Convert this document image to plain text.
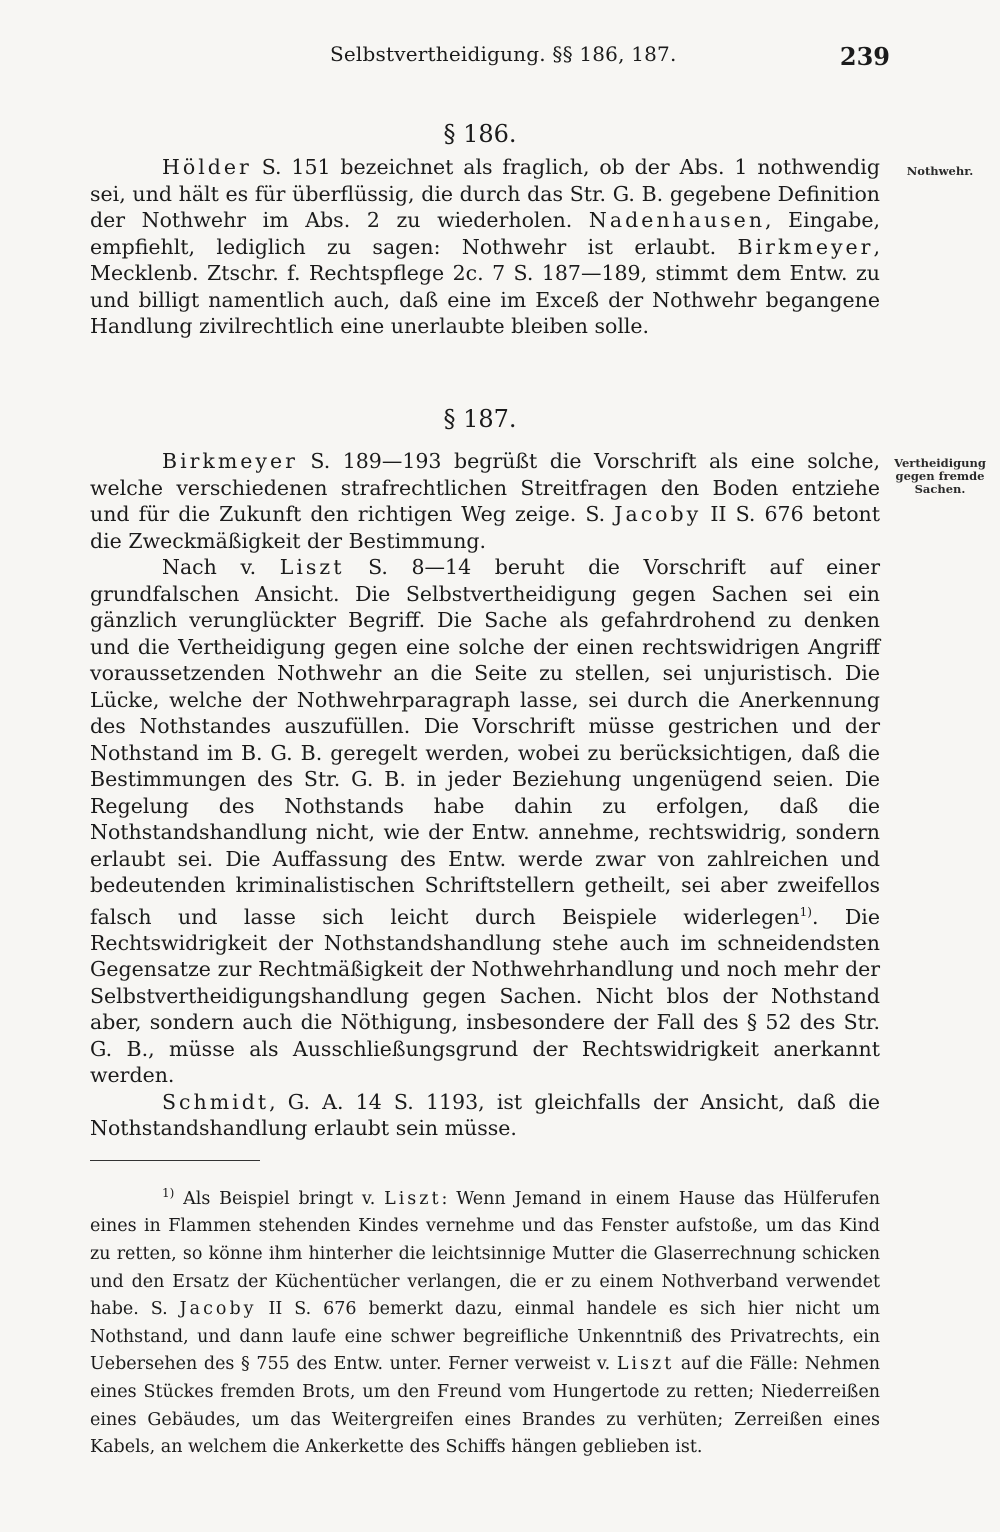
Selbstvertheidigung. §§ 186, 187.	239
§ 186.
Nothwehr.

Hölder S. 151 bezeichnet als fraglich, ob der Abs. 1 nothwendig sei, und hält es für überflüssig, die durch das Str. G. B. gegebene Definition der Nothwehr im Abs. 2 zu wiederholen. Nadenhausen, Eingabe, empfiehlt, lediglich zu sagen: Nothwehr ist erlaubt. Birkmeyer, Mecklenb. Ztschr. f. Rechtspflege 2c. 7 S. 187—189, stimmt dem Entw. zu und billigt namentlich auch, daß eine im Exceß der Nothwehr begangene Handlung zivilrechtlich eine unerlaubte bleiben solle.

§ 187.
Vertheidigung gegen fremde Sachen.

Birkmeyer S. 189—193 begrüßt die Vorschrift als eine solche, welche verschiedenen strafrechtlichen Streitfragen den Boden entziehe und für die Zukunft den richtigen Weg zeige. S. Jacoby II S. 676 betont die Zweckmäßigkeit der Bestimmung.

Nach v. Liszt S. 8—14 beruht die Vorschrift auf einer grundfalschen Ansicht. Die Selbstvertheidigung gegen Sachen sei ein gänzlich verunglückter Begriff. Die Sache als gefahrdrohend zu denken und die Vertheidigung gegen eine solche der einen rechtswidrigen Angriff voraussetzenden Nothwehr an die Seite zu stellen, sei unjuristisch. Die Lücke, welche der Nothwehrparagraph lasse, sei durch die Anerkennung des Nothstandes auszufüllen. Die Vorschrift müsse gestrichen und der Nothstand im B. G. B. geregelt werden, wobei zu berücksichtigen, daß die Bestimmungen des Str. G. B. in jeder Beziehung ungenügend seien. Die Regelung des Nothstands habe dahin zu erfolgen, daß die Nothstandshandlung nicht, wie der Entw. annehme, rechtswidrig, sondern erlaubt sei. Die Auffassung des Entw. werde zwar von zahlreichen und bedeutenden kriminalistischen Schriftstellern getheilt, sei aber zweifellos falsch und lasse sich leicht durch Beispiele widerlegen$^{1)}$. Die Rechtswidrigkeit der Nothstandshandlung stehe auch im schneidendsten Gegensatze zur Rechtmäßigkeit der Nothwehrhandlung und noch mehr der Selbstvertheidigungshandlung gegen Sachen. Nicht blos der Nothstand aber, sondern auch die Nöthigung, insbesondere der Fall des § 52 des Str. G. B., müsse als Ausschließungsgrund der Rechtswidrigkeit anerkannt werden.

Schmidt, G. A. 14 S. 1193, ist gleichfalls der Ansicht, daß die Nothstandshandlung erlaubt sein müsse.

$^{1)}$ Als Beispiel bringt v. Liszt: Wenn Jemand in einem Hause das Hülferufen eines in Flammen stehenden Kindes vernehme und das Fenster aufstoße, um das Kind zu retten, so könne ihm hinterher die leichtsinnige Mutter die Glaserrechnung schicken und den Ersatz der Küchentücher verlangen, die er zu einem Nothverband verwendet habe. S. Jacoby II S. 676 bemerkt dazu, einmal handele es sich hier nicht um Nothstand, und dann laufe eine schwer begreifliche Unkenntniß des Privatrechts, ein Uebersehen des § 755 des Entw. unter. Ferner verweist v. Liszt auf die Fälle: Nehmen eines Stückes fremden Brots, um den Freund vom Hungertode zu retten; Niederreißen eines Gebäudes, um das Weitergreifen eines Brandes zu verhüten; Zerreißen eines Kabels, an welchem die Ankerkette des Schiffs hängen geblieben ist.
